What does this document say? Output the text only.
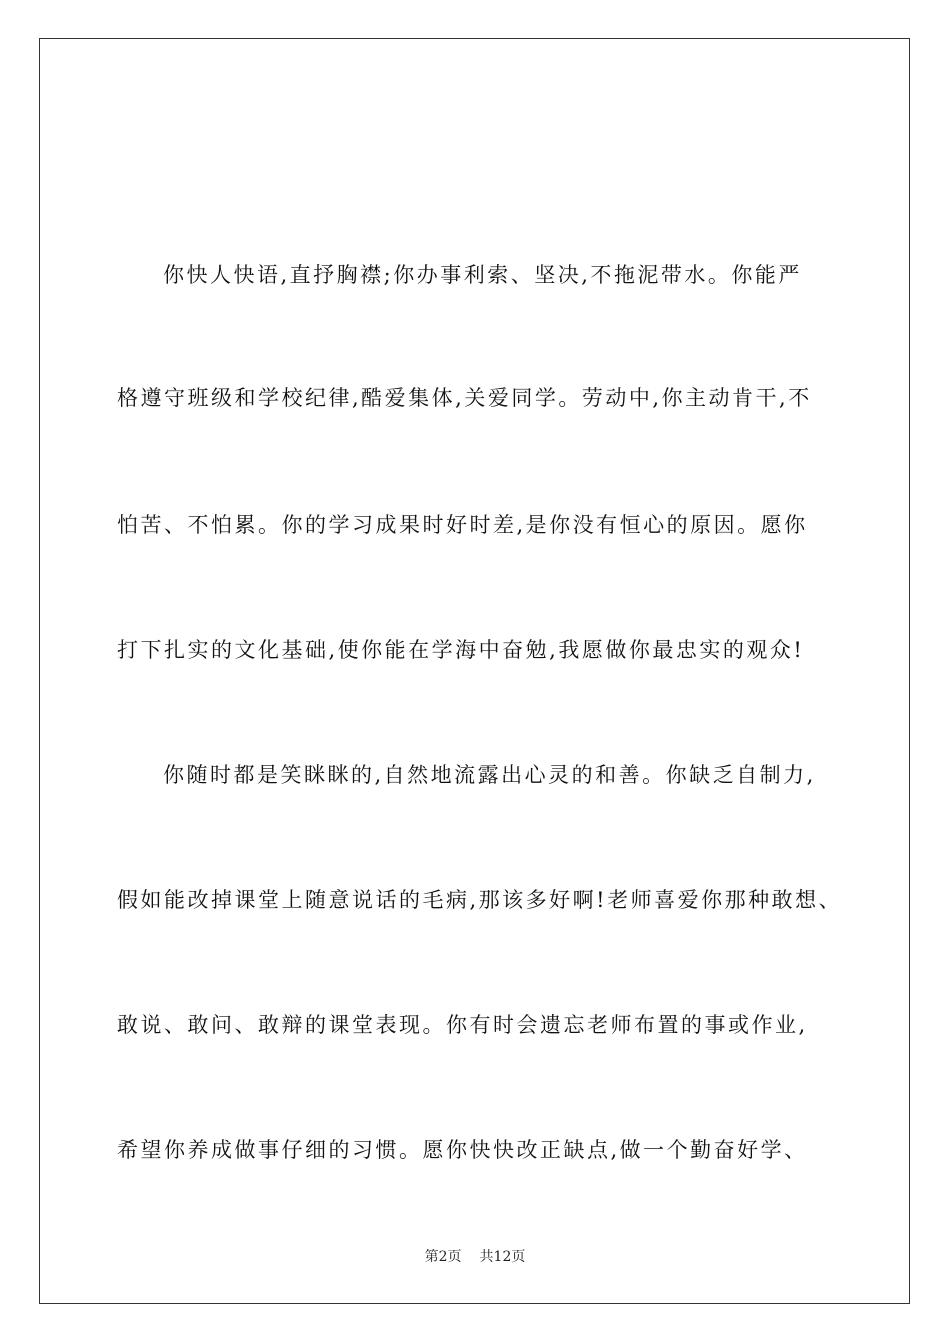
你快人快语,直抒胸襟;你办事利索、坚决,不拖泥带水。你能严
格遵守班级和学校纪律,酷爱集体,关爱同学。劳动中,你主动肯干,不
怕苦、不怕累。你的学习成果时好时差,是你没有恒心的原因。愿你
打下扎实的文化基础,使你能在学海中奋勉,我愿做你最忠实的观众!
你随时都是笑眯眯的,自然地流露出心灵的和善。你缺乏自制力,
假如能改掉课堂上随意说话的毛病,那该多好啊!老师喜爱你那种敢想、
敢说、敢问、敢辩的课堂表现。你有时会遗忘老师布置的事或作业,
希望你养成做事仔细的习惯。愿你快快改正缺点,做一个勤奋好学、
第2页 共12页
